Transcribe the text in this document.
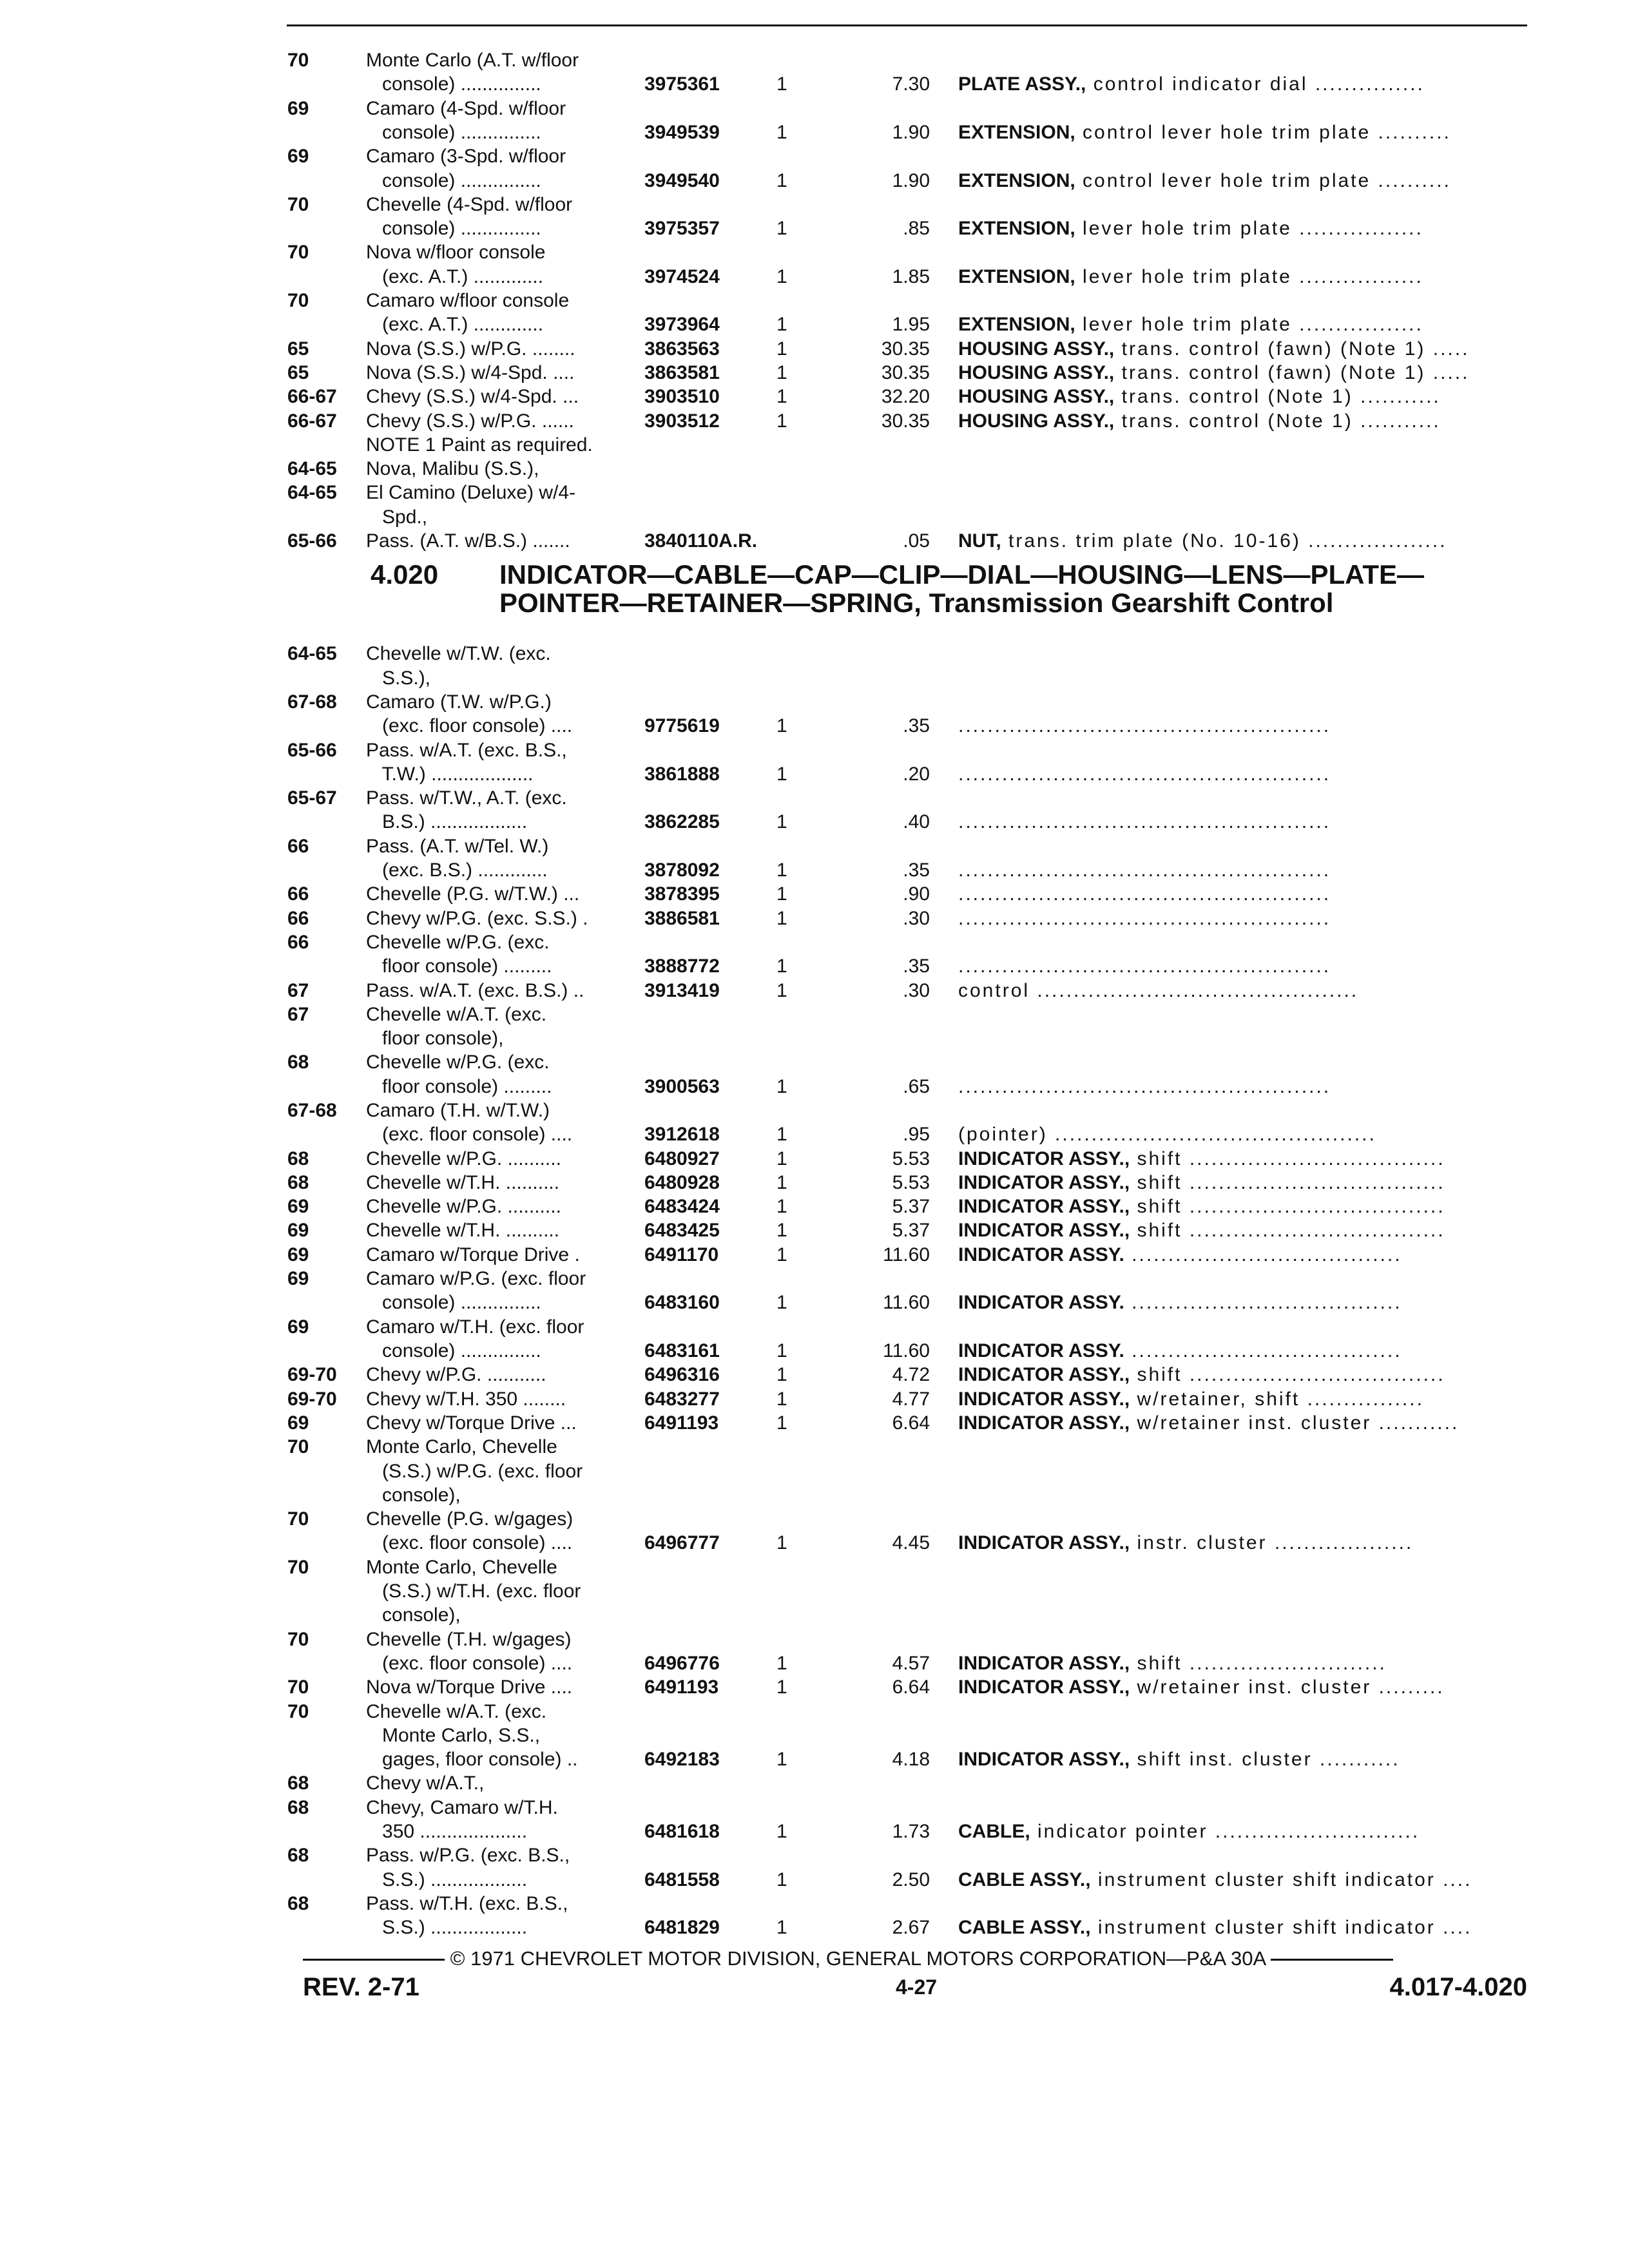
70	Monte Carlo (A.T. w/floor
console) ...............	3975361	1	7.30 PLATE ASSY., control indicator dial ...............
69	Camaro (4-Spd. w/floor
console) ...............	3949539	1	1.90 EXTENSION, control lever hole trim plate ..........
69	Camaro (3-Spd. w/floor
console) ...............	3949540	1	1.90 EXTENSION, control lever hole trim plate ..........
70	Chevelle (4-Spd. w/floor
console) ...............	3975357	1	.85 EXTENSION, lever hole trim plate .................
70	Nova w/floor console
(exc. A.T.) .............	3974524	1	1.85 EXTENSION, lever hole trim plate .................
70	Camaro w/floor console
(exc. A.T.) .............	3973964	1	1.95 EXTENSION, lever hole trim plate .................
65	Nova (S.S.) w/P.G. ........	3863563	1	30.35 HOUSING ASSY., trans. control (fawn) (Note 1) .....
65	Nova (S.S.) w/4-Spd. ....	3863581	1	30.35 HOUSING ASSY., trans. control (fawn) (Note 1) .....
66-67 Chevy (S.S.) w/4-Spd. ...	3903510	1	32.20 HOUSING ASSY., trans. control (Note 1) ...........
66-67 Chevy (S.S.) w/P.G. ......	3903512	1	30.35 HOUSING ASSY., trans. control (Note 1) ...........
NOTE 1 Paint as required.
64-65 Nova, Malibu (S.S.),
64-65 El Camino (Deluxe) w/4-
Spd.,
65-66 Pass. (A.T. w/B.S.) .......	3840110A.R.	.05 NUT, trans. trim plate (No. 10-16) ...................
64-65 Chevelle w/T.W. (exc.
S.S.),
67-68 Camaro (T.W. w/P.G.)
(exc. floor console) ....	9775619	1	.35 ...................................................
65-66 Pass. w/A.T. (exc. B.S.,
T.W.) ...................	3861888	1	.20 ...................................................
65-67 Pass. w/T.W., A.T. (exc.
B.S.) ..................	3862285	1	.40 ...................................................
66	Pass. (A.T. w/Tel. W.)
(exc. B.S.) .............	3878092	1	.35 ...................................................
66	Chevelle (P.G. w/T.W.) ...	3878395	1	.90 ...................................................
66	Chevy w/P.G. (exc. S.S.) .	3886581	1	.30 ...................................................
66	Chevelle w/P.G. (exc.
floor console) .........	3888772	1	.35 ...................................................
67	Pass. w/A.T. (exc. B.S.) ..	3913419	1	.30 control ............................................
67	Chevelle w/A.T. (exc.
floor console),
68	Chevelle w/P.G. (exc.
floor console) .........	3900563	1	.65 ...................................................
67-68 Camaro (T.H. w/T.W.)
(exc. floor console) ....	3912618	1	.95 (pointer) ............................................
68	Chevelle w/P.G. ..........	6480927	1	5.53 INDICATOR ASSY., shift ...................................
68	Chevelle w/T.H. ..........	6480928	1	5.53 INDICATOR ASSY., shift ...................................
69	Chevelle w/P.G. ..........	6483424	1	5.37 INDICATOR ASSY., shift ...................................
69	Chevelle w/T.H. ..........	6483425	1	5.37 INDICATOR ASSY., shift ...................................
69	Camaro w/Torque Drive .	6491170	1	11.60 INDICATOR ASSY. .....................................
69	Camaro w/P.G. (exc. floor
console) ...............	6483160	1	11.60 INDICATOR ASSY. .....................................
69	Camaro w/T.H. (exc. floor
console) ...............	6483161	1	11.60 INDICATOR ASSY. .....................................
69-70 Chevy w/P.G. ...........	6496316	1	4.72 INDICATOR ASSY., shift ...................................
69-70 Chevy w/T.H. 350 ........	6483277	1	4.77 INDICATOR ASSY., w/retainer, shift ................
69	Chevy w/Torque Drive ...	6491193	1	6.64 INDICATOR ASSY., w/retainer inst. cluster ...........
70	Monte Carlo, Chevelle
(S.S.) w/P.G. (exc. floor
console),
70	Chevelle (P.G. w/gages)
(exc. floor console) ....	6496777	1	4.45 INDICATOR ASSY., instr. cluster ...................
70	Monte Carlo, Chevelle
(S.S.) w/T.H. (exc. floor
console),
70	Chevelle (T.H. w/gages)
(exc. floor console) ....	6496776	1	4.57 INDICATOR ASSY., shift ...........................
70	Nova w/Torque Drive ....	6491193	1	6.64 INDICATOR ASSY., w/retainer inst. cluster .........
70	Chevelle w/A.T. (exc.
Monte Carlo, S.S.,
gages, floor console) ..	6492183	1	4.18 INDICATOR ASSY., shift inst. cluster ...........
68	Chevy w/A.T.,
68	Chevy, Camaro w/T.H.
350 ....................	6481618	1	1.73 CABLE, indicator pointer ............................
68	Pass. w/P.G. (exc. B.S.,
S.S.) ..................	6481558	1	2.50 CABLE ASSY., instrument cluster shift indicator ....
68	Pass. w/T.H. (exc. B.S.,
S.S.) ..................	6481829	1	2.67 CABLE ASSY., instrument cluster shift indicator ....
4.020 INDICATOR—CABLE—CAP—CLIP—DIAL—HOUSING—LENS—PLATE—
POINTER—RETAINER—SPRING, Transmission Gearshift Control
© 1971 CHEVROLET MOTOR DIVISION, GENERAL MOTORS CORPORATION—P&A 30A
REV. 2-71	4-27	4.017-4.020
